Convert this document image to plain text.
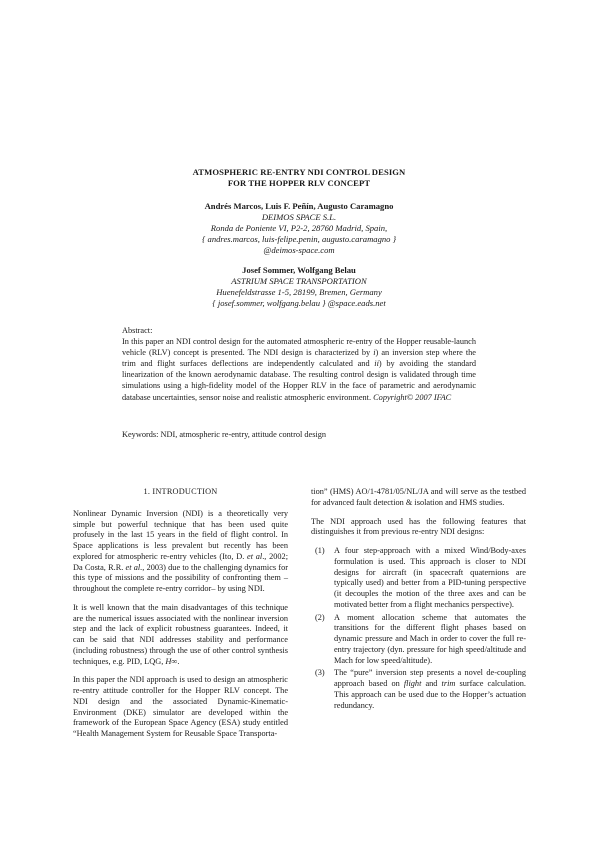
ATMOSPHERIC RE-ENTRY NDI CONTROL DESIGN
FOR THE HOPPER RLV CONCEPT
Andrés Marcos, Luis F. Peñín, Augusto Caramagno
DEIMOS SPACE S.L.
Ronda de Poniente VI, P2-2, 28760 Madrid, Spain,
{ andres.marcos, luis-felipe.penin, augusto.caramagno }
@deimos-space.com
Josef Sommer, Wolfgang Belau
ASTRIUM SPACE TRANSPORTATION
Huenefeldstrasse 1-5, 28199, Bremen, Germany
{ josef.sommer, wolfgang.belau } @space.eads.net
Abstract:
In this paper an NDI control design for the automated atmospheric re-entry of the Hopper reusable-launch vehicle (RLV) concept is presented. The NDI design is characterized by i) an inversion step where the trim and flight surfaces deflections are independently calculated and ii) by avoiding the standard linearization of the known aerodynamic database. The resulting control design is validated through time simulations using a high-fidelity model of the Hopper RLV in the face of parametric and aerodynamic database uncertainties, sensor noise and realistic atmospheric environment. Copyright© 2007 IFAC
Keywords: NDI, atmospheric re-entry, attitude control design
1. INTRODUCTION

Nonlinear Dynamic Inversion (NDI) is a theoretically very simple but powerful technique that has been used quite profusely in the last 15 years in the field of flight control. In Space applications is less prevalent but recently has been explored for atmospheric re-entry vehicles (Ito, D. et al., 2002; Da Costa, R.R. et al., 2003) due to the challenging dynamics for this type of missions and the possibility of confronting them –throughout the complete re-entry corridor– by using NDI.

It is well known that the main disadvantages of this technique are the numerical issues associated with the nonlinear inversion step and the lack of explicit robustness guarantees. Indeed, it can be said that NDI addresses stability and performance (including robustness) through the use of other control synthesis techniques, e.g. PID, LQG, H∞.

In this paper the NDI approach is used to design an atmospheric re-entry attitude controller for the Hopper RLV concept. The NDI design and the associated Dynamic-Kinematic-Environment (DKE) simulator are developed within the framework of the European Space Agency (ESA) study entitled “Health Management System for Reusable Space Transporta-

tion” (HMS) AO/1-4781/05/NL/JA and will serve as the testbed for advanced fault detection & isolation and HMS studies.

The NDI approach used has the following features that distinguishes it from previous re-entry NDI designs:

(1) A four step-approach with a mixed Wind/Body-axes formulation is used. This approach is closer to NDI designs for aircraft (in spacecraft quaternions are typically used) and better from a PID-tuning perspective (it decouples the motion of the three axes and can be motivated better from a flight mechanics perspective).
(2) A moment allocation scheme that automates the transitions for the different flight phases based on dynamic pressure and Mach in order to cover the full re-entry trajectory (dyn. pressure for high speed/altitude and Mach for low speed/altitude).
(3) The “pure” inversion step presents a novel de-coupling approach based on flight and trim surface calculation. This approach can be used due to the Hopper’s actuation redundancy.
